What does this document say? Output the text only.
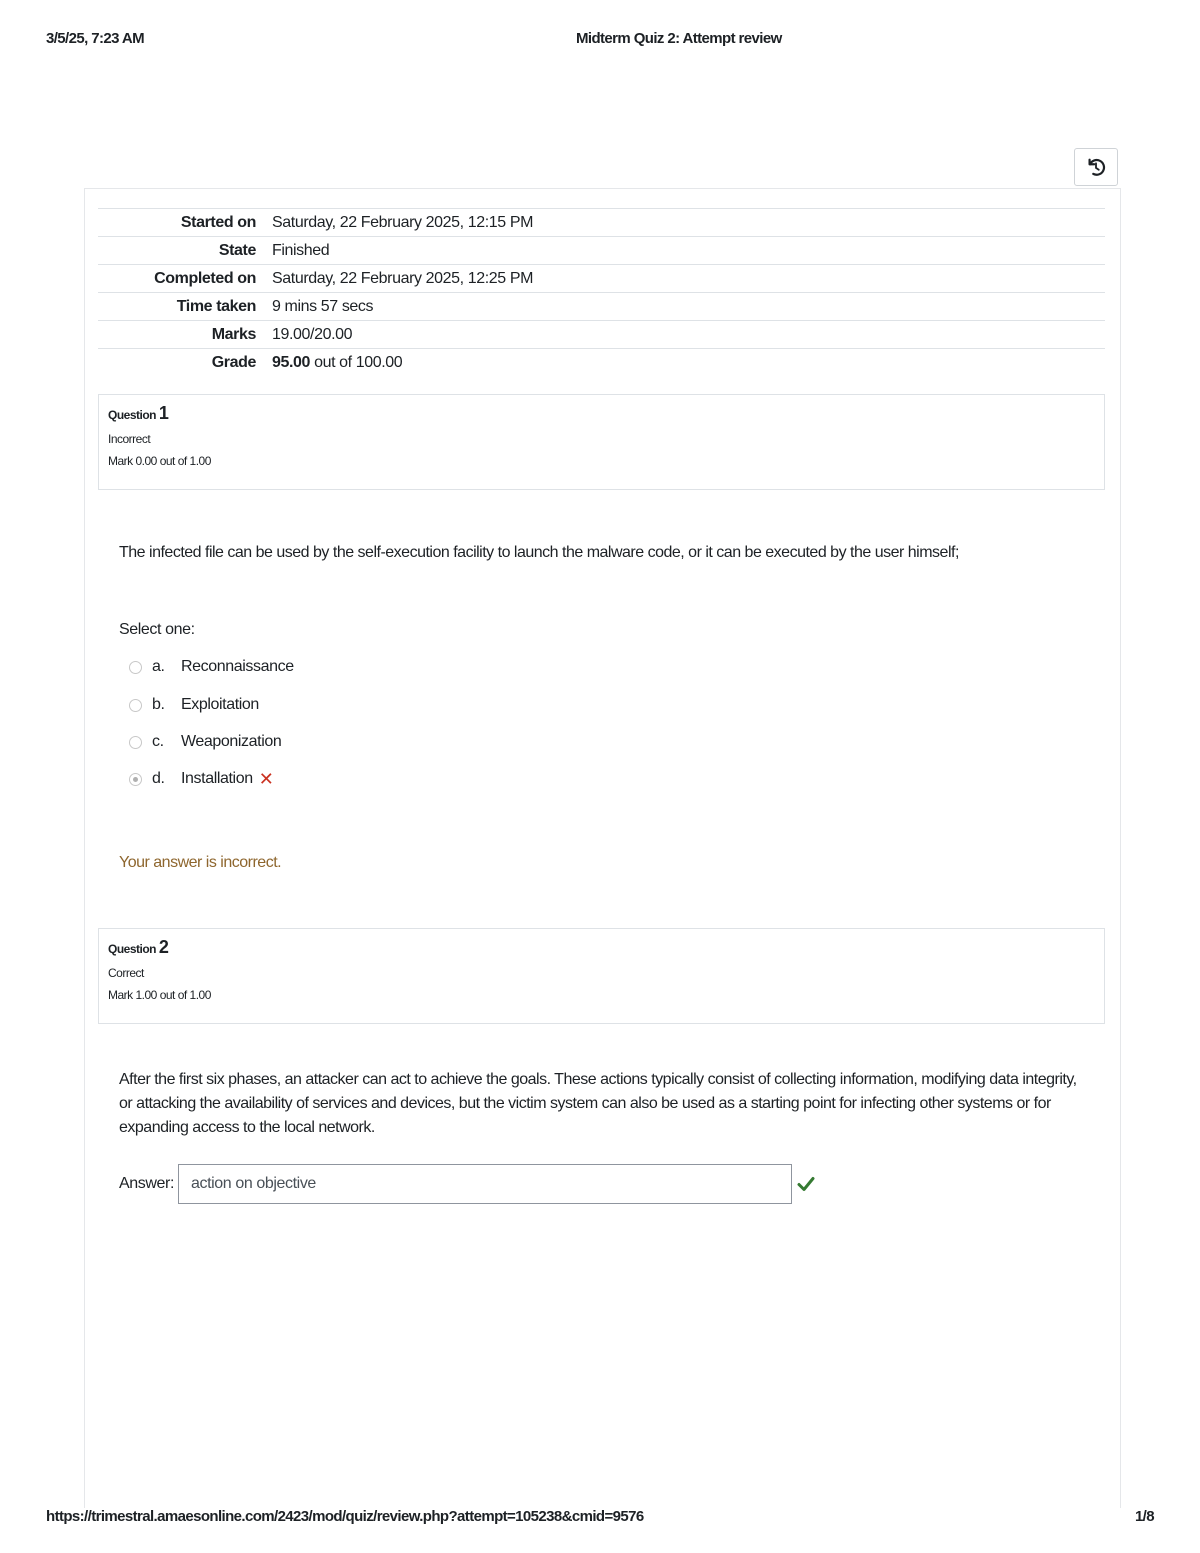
3/5/25, 7:23 AM	Midterm Quiz 2: Attempt review
Started on	Saturday, 22 February 2025, 12:15 PM
State	Finished
Completed on	Saturday, 22 February 2025, 12:25 PM
Time taken	9 mins 57 secs
Marks	19.00/20.00
Grade	95.00 out of 100.00
Question 1
Incorrect
Mark 0.00 out of 1.00
The infected file can be used by the self-execution facility to launch the malware code, or it can be executed by the user himself;
Select one:
a.	Reconnaissance
b.	Exploitation
c.	Weaponization
d.	Installation ✕
Your answer is incorrect.
Question 2
Correct
Mark 1.00 out of 1.00
After the first six phases, an attacker can act to achieve the goals. These actions typically consist of collecting information, modifying data integrity, or attacking the availability of services and devices, but the victim system can also be used as a starting point for infecting other systems or for expanding access to the local network.
Answer:	action on objective
https://trimestral.amaesonline.com/2423/mod/quiz/review.php?attempt=105238&cmid=9576	1/8
